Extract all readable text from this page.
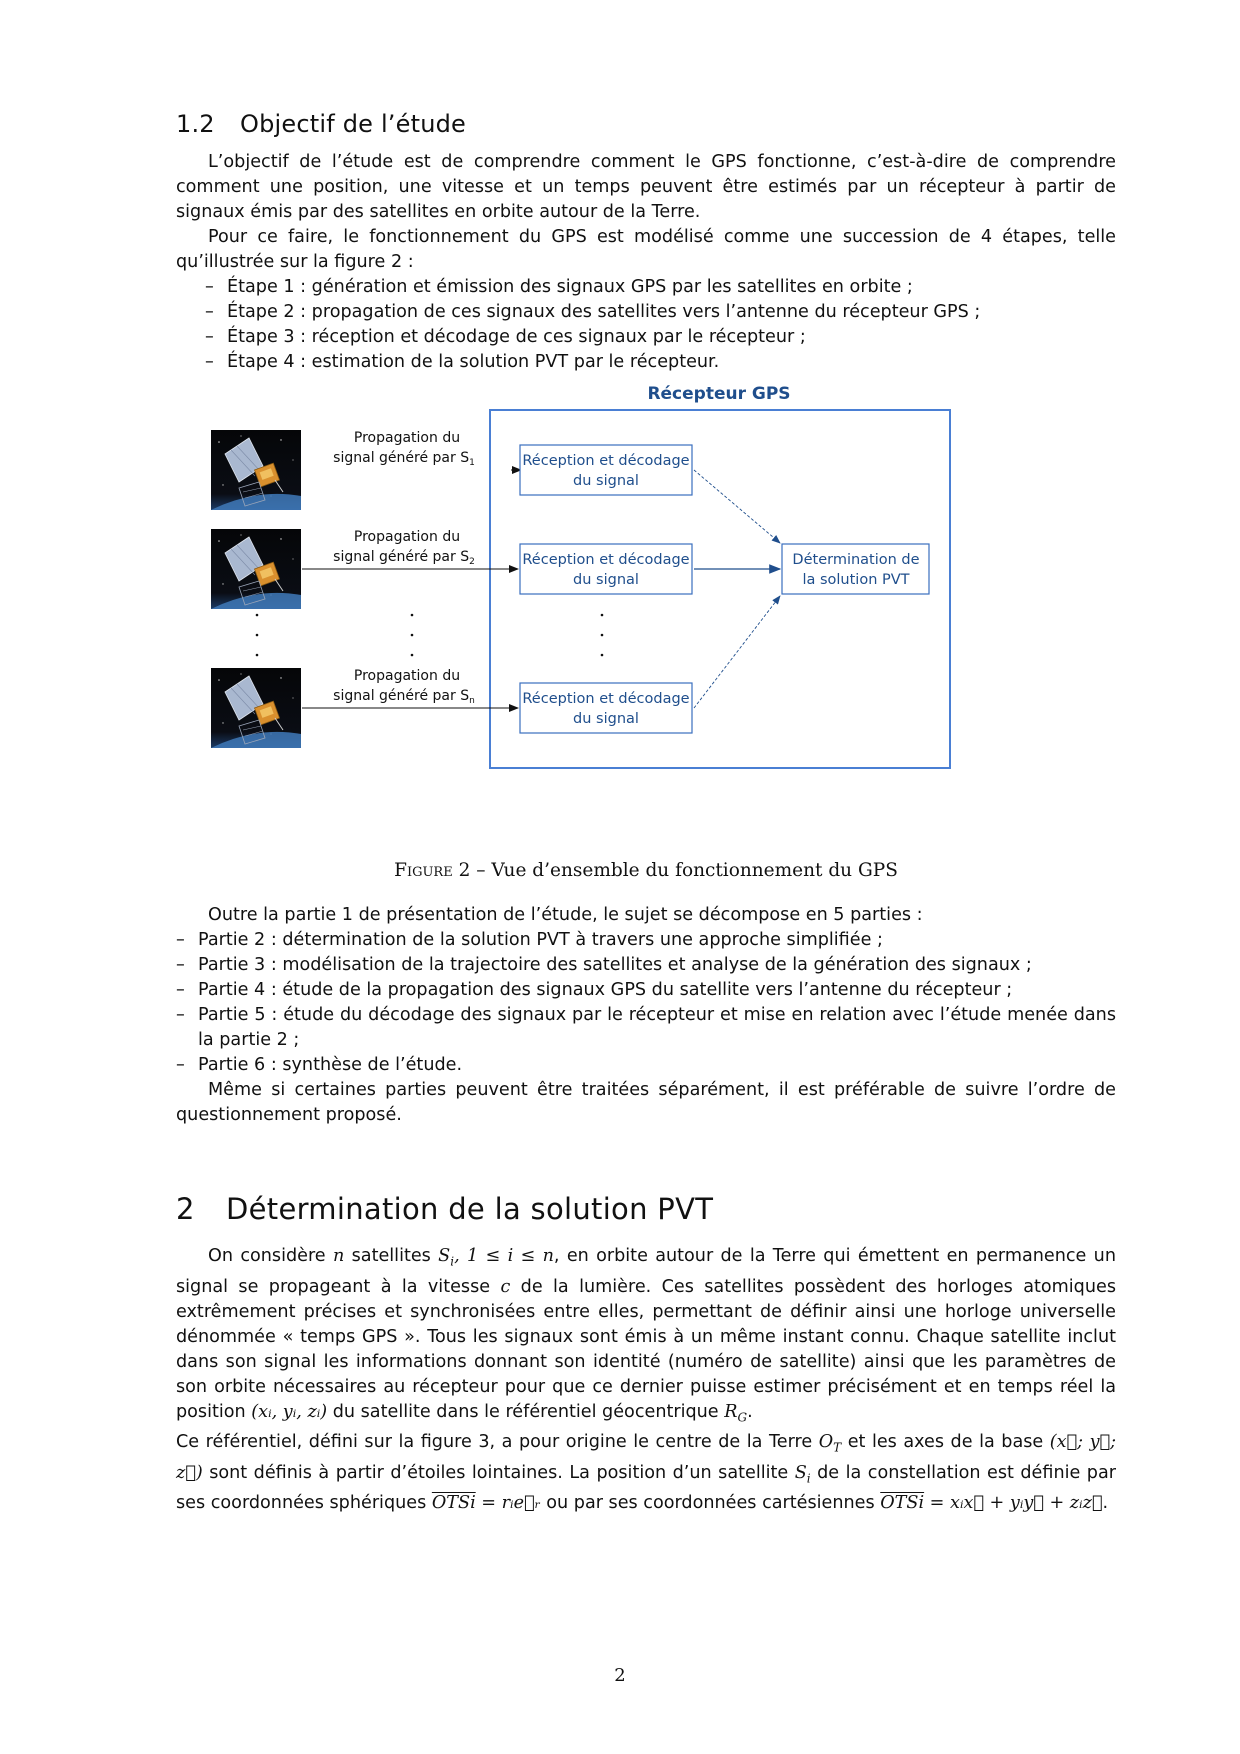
1.2 Objectif de l’étude

L’objectif de l’étude est de comprendre comment le GPS fonctionne, c’est-à-dire de comprendre comment une position, une vitesse et un temps peuvent être estimés par un récepteur à partir de signaux émis par des satellites en orbite autour de la Terre.

Pour ce faire, le fonctionnement du GPS est modélisé comme une succession de 4 étapes, telle qu’illustrée sur la figure 2 :

– Étape 1 : génération et émission des signaux GPS par les satellites en orbite ;
– Étape 2 : propagation de ces signaux des satellites vers l’antenne du récepteur GPS ;
– Étape 3 : réception et décodage de ces signaux par le récepteur ;
– Étape 4 : estimation de la solution PVT par le récepteur.
Récepteur GPS
Propagation du
signal généré par $S_1$
Propagation du
signal généré par $S_2$
Propagation du
signal généré par $S_n$
Réception et décodage
du signal
Réception et décodage
du signal
Réception et décodage
du signal
Détermination de
la solution PVT

Figure 2 – Vue d’ensemble du fonctionnement du GPS

Outre la partie 1 de présentation de l’étude, le sujet se décompose en 5 parties :

– Partie 2 : détermination de la solution PVT à travers une approche simplifiée ;
– Partie 3 : modélisation de la trajectoire des satellites et analyse de la génération des signaux ;
– Partie 4 : étude de la propagation des signaux GPS du satellite vers l’antenne du récepteur ;
– Partie 5 : étude du décodage des signaux par le récepteur et mise en relation avec l’étude menée dans la partie 2 ;
– Partie 6 : synthèse de l’étude.

Même si certaines parties peuvent être traitées séparément, il est préférable de suivre l’ordre de questionnement proposé.

2 Détermination de la solution PVT

On considère n satellites $S_i$, 1 ≤ i ≤ n, en orbite autour de la Terre qui émettent en permanence un signal se propageant à la vitesse c de la lumière. Ces satellites possèdent des horloges atomiques extrêmement précises et synchronisées entre elles, permettant de définir ainsi une horloge universelle dénommée « temps GPS ». Tous les signaux sont émis à un même instant connu. Chaque satellite inclut dans son signal les informations donnant son identité (numéro de satellite) ainsi que les paramètres de son orbite nécessaires au récepteur pour que ce dernier puisse estimer précisément et en temps réel la position (xᵢ, yᵢ, zᵢ) du satellite dans le référentiel géocentrique $R_G$.

Ce référentiel, défini sur la figure 3, a pour origine le centre de la Terre $O_T$ et les axes de la base (x⃗; y⃗; z⃗) sont définis à partir d’étoiles lointaines. La position d’un satellite $S_i$ de la constellation est définie par ses coordonnées sphériques OTSi = rᵢe⃗ᵣ ou par ses coordonnées cartésiennes OTSi = xᵢx⃗ + yᵢy⃗ + zᵢz⃗.

2
